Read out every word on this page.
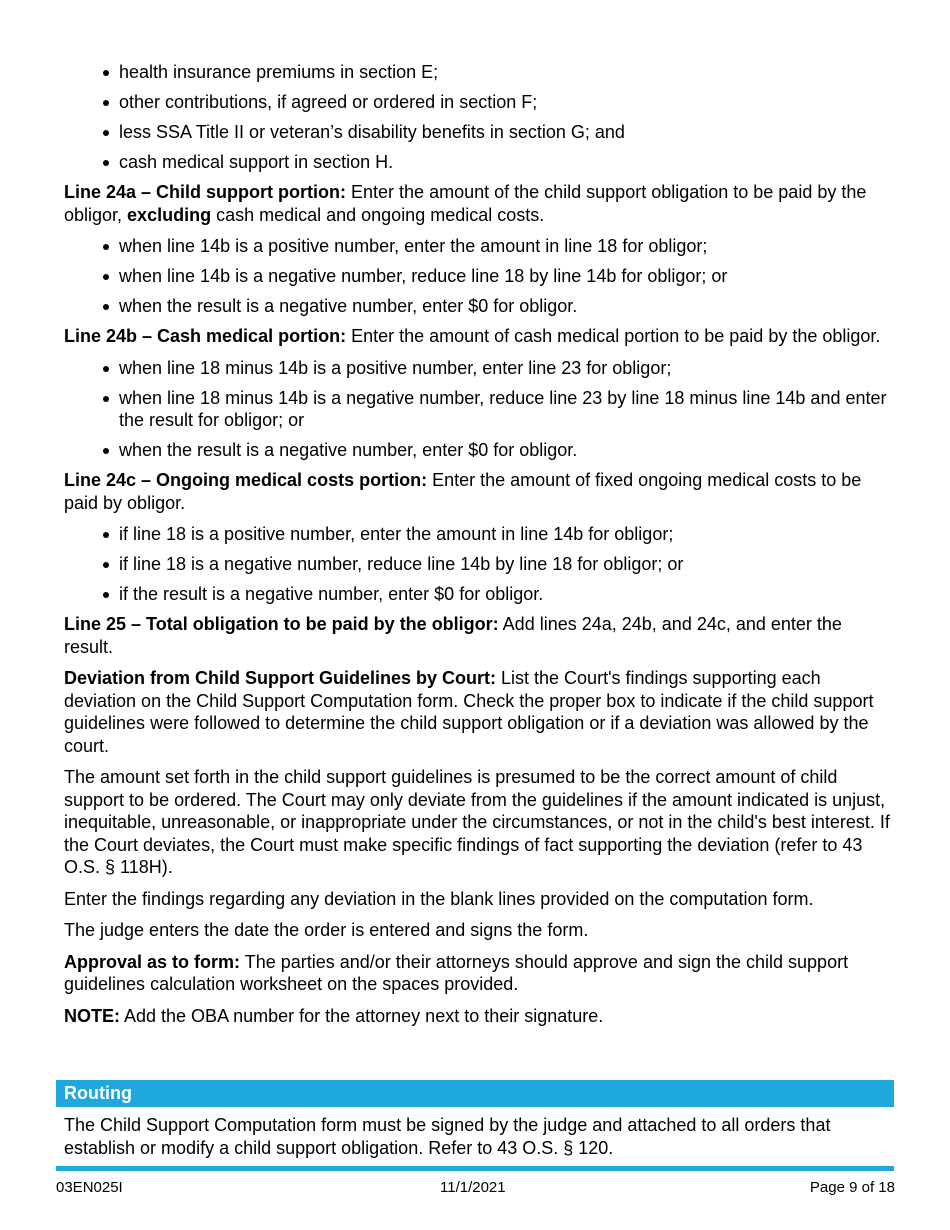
health insurance premiums in section E;
other contributions, if agreed or ordered in section F;
less SSA Title II or veteran’s disability benefits in section G; and
cash medical support in section H.

Line 24a – Child support portion: Enter the amount of the child support obligation to be paid by the obligor, excluding cash medical and ongoing medical costs.

when line 14b is a positive number, enter the amount in line 18 for obligor;
when line 14b is a negative number, reduce line 18 by line 14b for obligor; or
when the result is a negative number, enter $0 for obligor.

Line 24b – Cash medical portion: Enter the amount of cash medical portion to be paid by the obligor.

when line 18 minus 14b is a positive number, enter line 23 for obligor;
when line 18 minus 14b is a negative number, reduce line 23 by line 18 minus line 14b and enter the result for obligor; or
when the result is a negative number, enter $0 for obligor.

Line 24c – Ongoing medical costs portion: Enter the amount of fixed ongoing medical costs to be paid by obligor.

if line 18 is a positive number, enter the amount in line 14b for obligor;
if line 18 is a negative number, reduce line 14b by line 18 for obligor; or
if the result is a negative number, enter $0 for obligor.

Line 25 – Total obligation to be paid by the obligor: Add lines 24a, 24b, and 24c, and enter the result.

Deviation from Child Support Guidelines by Court: List the Court's findings supporting each deviation on the Child Support Computation form. Check the proper box to indicate if the child support guidelines were followed to determine the child support obligation or if a deviation was allowed by the court.

The amount set forth in the child support guidelines is presumed to be the correct amount of child support to be ordered. The Court may only deviate from the guidelines if the amount indicated is unjust, inequitable, unreasonable, or inappropriate under the circumstances, or not in the child's best interest. If the Court deviates, the Court must make specific findings of fact supporting the deviation (refer to 43 O.S. § 118H).

Enter the findings regarding any deviation in the blank lines provided on the computation form.

The judge enters the date the order is entered and signs the form.

Approval as to form: The parties and/or their attorneys should approve and sign the child support guidelines calculation worksheet on the spaces provided.

NOTE: Add the OBA number for the attorney next to their signature.

Routing
The Child Support Computation form must be signed by the judge and attached to all orders that establish or modify a child support obligation. Refer to 43 O.S. § 120.
03EN025I	11/1/2021	Page 9 of 18
